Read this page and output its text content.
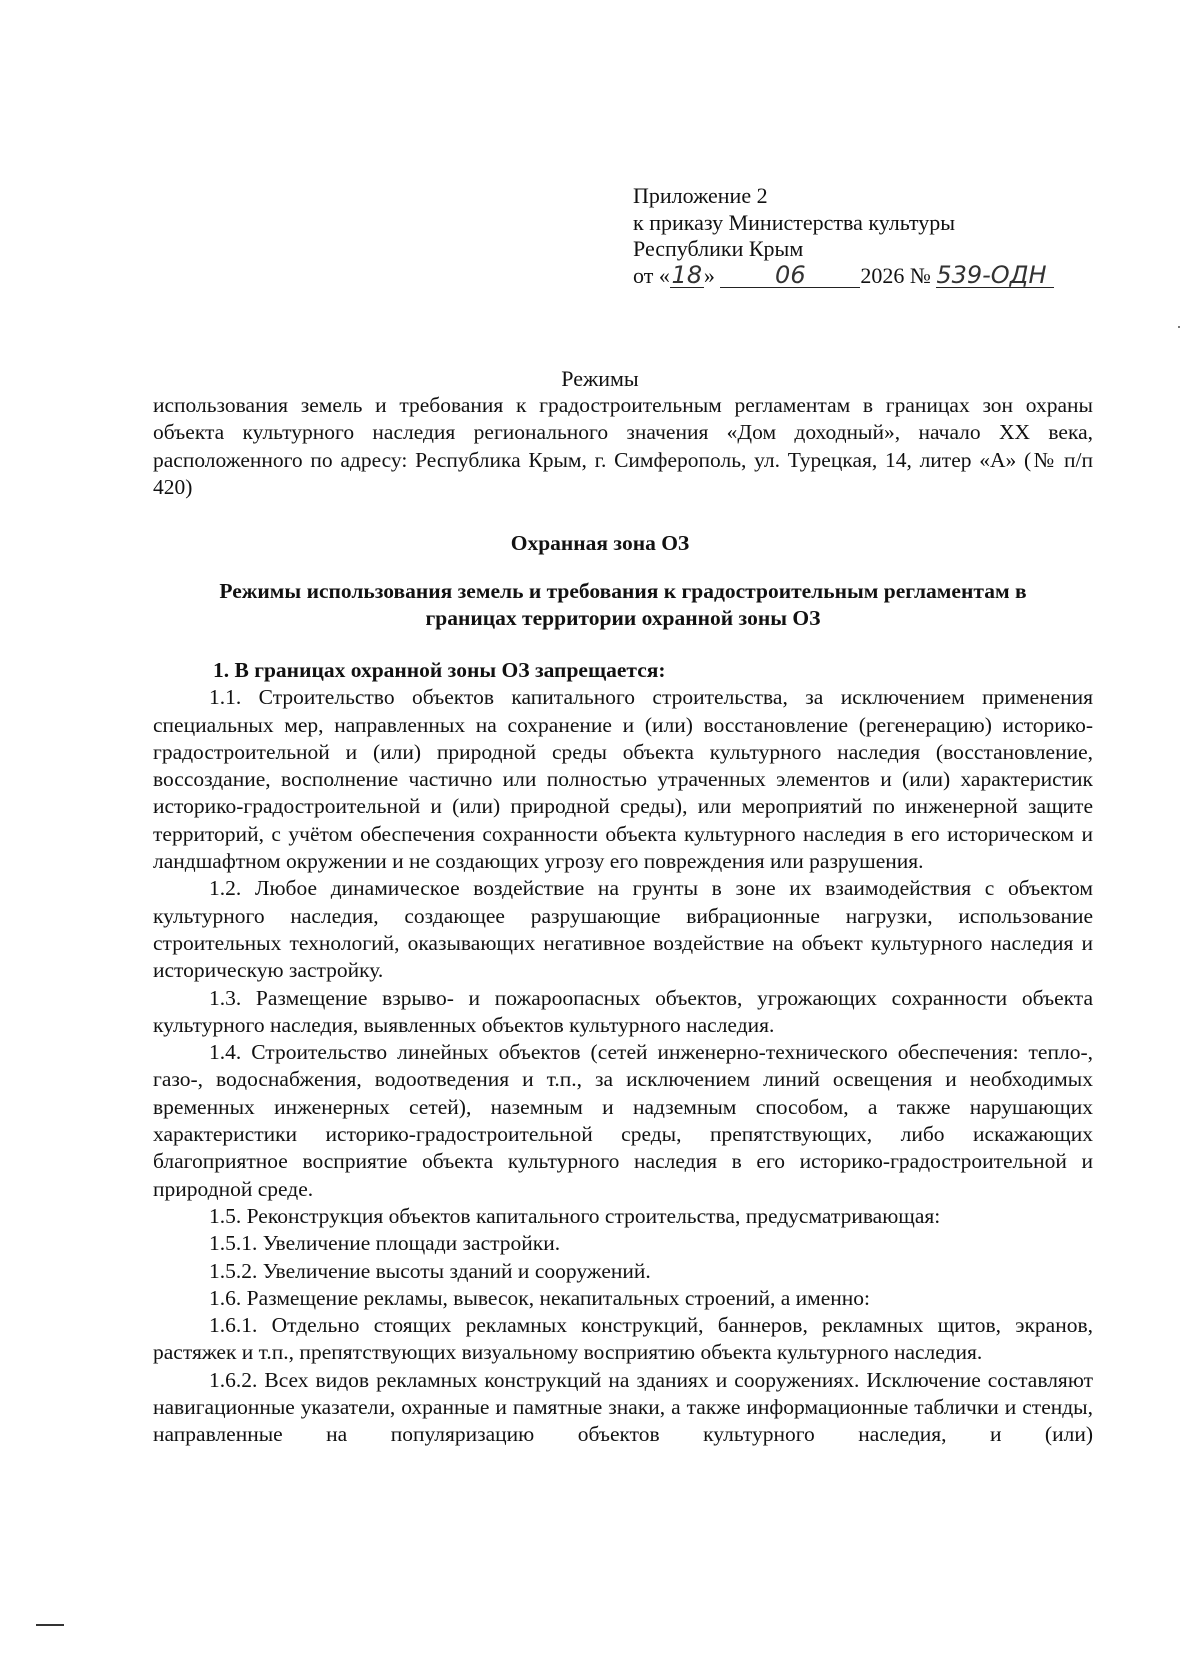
Приложение 2
к приказу Министерства культуры
Республики Крым
от «18»	06 2026 № 539-ОДН
Режимы
использования земель и требования к градостроительным регламентам в границах зон охраны объекта культурного наследия регионального значения «Дом доходный», начало XX века, расположенного по адресу: Республика Крым, г. Симферополь, ул. Турецкая, 14, литер «А» (№ п/п 420)
Охранная зона ОЗ
Режимы использования земель и требования к градостроительным регламентам в границах территории охранной зоны ОЗ

1. В границах охранной зоны ОЗ запрещается:

1.1. Строительство объектов капитального строительства, за исключением применения специальных мер, направленных на сохранение и (или) восстановление (регенерацию) историко-градостроительной и (или) природной среды объекта культурного наследия (восстановление, воссоздание, восполнение частично или полностью утраченных элементов и (или) характеристик историко-градостроительной и (или) природной среды), или мероприятий по инженерной защите территорий, с учётом обеспечения сохранности объекта культурного наследия в его историческом и ландшафтном окружении и не создающих угрозу его повреждения или разрушения.

1.2. Любое динамическое воздействие на грунты в зоне их взаимодействия с объектом культурного наследия, создающее разрушающие вибрационные нагрузки, использование строительных технологий, оказывающих негативное воздействие на объект культурного наследия и историческую застройку.

1.3. Размещение взрыво- и пожароопасных объектов, угрожающих сохранности объекта культурного наследия, выявленных объектов культурного наследия.

1.4. Строительство линейных объектов (сетей инженерно-технического обеспечения: тепло-, газо-, водоснабжения, водоотведения и т.п., за исключением линий освещения и необходимых временных инженерных сетей), наземным и надземным способом, а также нарушающих характеристики историко-градостроительной среды, препятствующих, либо искажающих благоприятное восприятие объекта культурного наследия в его историко-градостроительной и природной среде.

1.5. Реконструкция объектов капитального строительства, предусматривающая:

1.5.1. Увеличение площади застройки.

1.5.2. Увеличение высоты зданий и сооружений.

1.6. Размещение рекламы, вывесок, некапитальных строений, а именно:

1.6.1. Отдельно стоящих рекламных конструкций, баннеров, рекламных щитов, экранов, растяжек и т.п., препятствующих визуальному восприятию объекта культурного наследия.

1.6.2. Всех видов рекламных конструкций на зданиях и сооружениях. Исключение составляют навигационные указатели, охранные и памятные знаки, а также информационные таблички и стенды, направленные на популяризацию объектов культурного наследия, и (или)
